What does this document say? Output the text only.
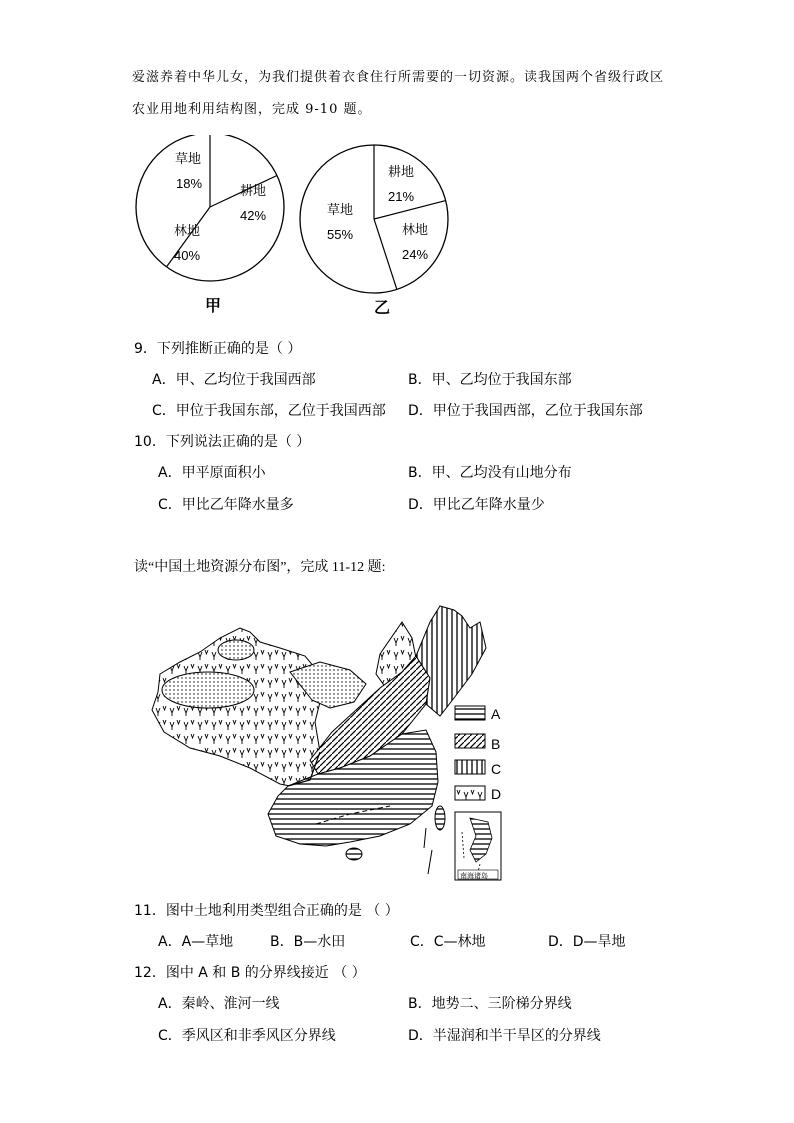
爱滋养着中华儿女，为我们提供着衣食住行所需要的一切资源。读我国两个省级行政区
农业用地利用结构图，完成 9-10 题。
甲	乙
草地
18%	耕地
42%
林地
40%
耕地
21%
林地
24%
草地
55%
9．下列推断正确的是（ ）
A．甲、乙均位于我国西部	B．甲、乙均位于我国东部
C．甲位于我国东部，乙位于我国西部 D．甲位于我国西部，乙位于我国东部
10．下列说法正确的是（ ）
A．甲平原面积小	B．甲、乙均没有山地分布
C．甲比乙年降水量多	D．甲比乙年降水量少
读“中国土地资源分布图”，完成 11-12 题:
A
B
C
D
南海诸岛
11．图中土地利用类型组合正确的是 （ ）
A．A—草地	B．B—水田	C．C—林地	D．D—旱地
12．图中 A 和 B 的分界线接近 （ ）
A．秦岭、淮河一线	B．地势二、三阶梯分界线
C．季风区和非季风区分界线	D．半湿润和半干旱区的分界线
